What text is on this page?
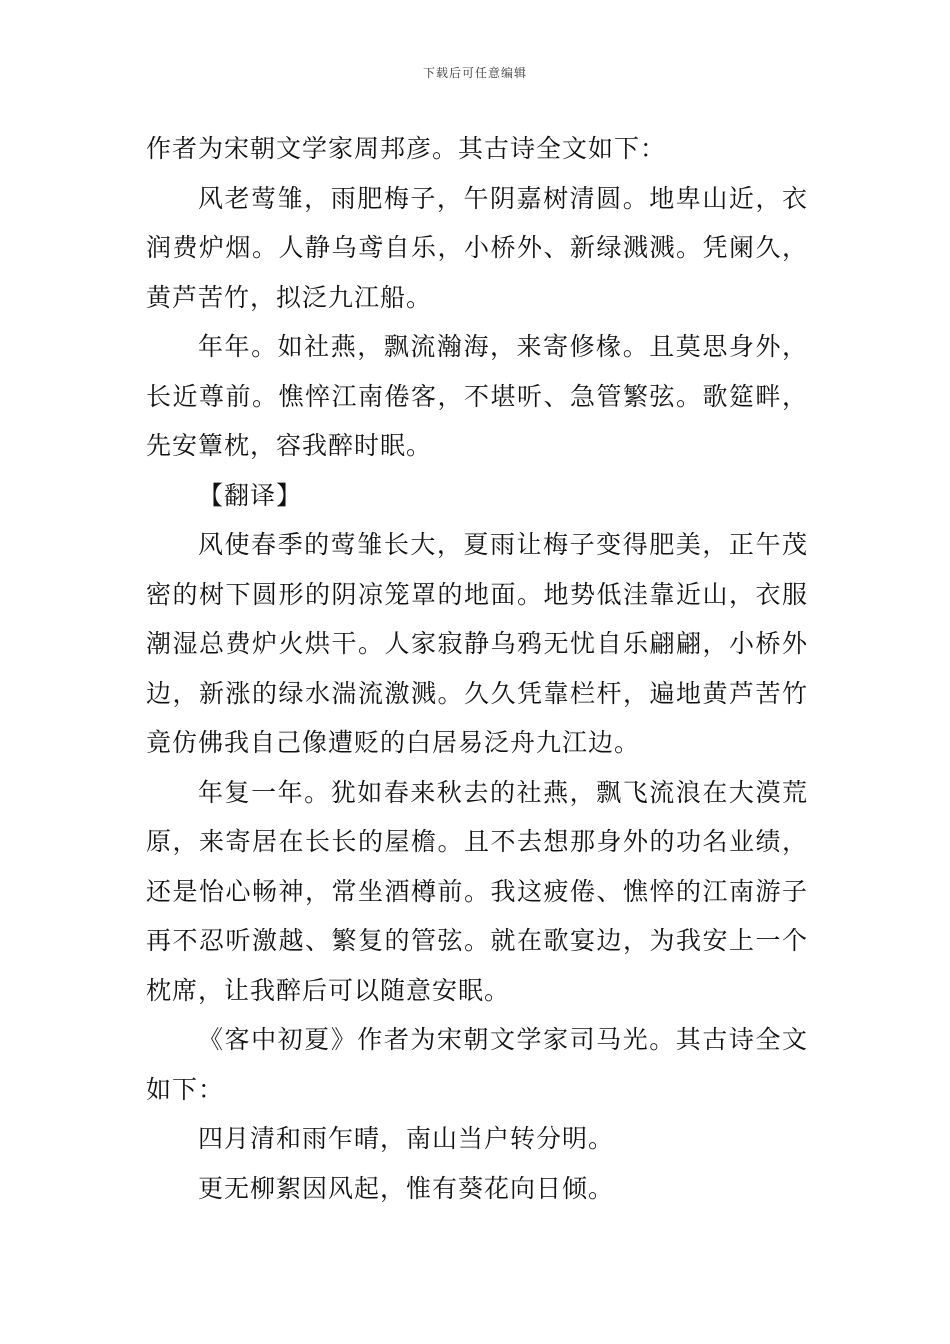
下载后可任意编辑

作者为宋朝文学家周邦彦。其古诗全文如下：

风老莺雏，雨肥梅子，午阴嘉树清圆。地卑山近，衣润费炉烟。人静乌鸢自乐，小桥外、新绿溅溅。凭阑久，黄芦苦竹，拟泛九江船。

年年。如社燕，飘流瀚海，来寄修椽。且莫思身外，长近尊前。憔悴江南倦客，不堪听、急管繁弦。歌筵畔，先安簟枕，容我醉时眠。

【翻译】

风使春季的莺雏长大，夏雨让梅子变得肥美，正午茂密的树下圆形的阴凉笼罩的地面。地势低洼靠近山，衣服潮湿总费炉火烘干。人家寂静乌鸦无忧自乐翩翩，小桥外边，新涨的绿水湍流激溅。久久凭靠栏杆，遍地黄芦苦竹竟仿佛我自己像遭贬的白居易泛舟九江边。

年复一年。犹如春来秋去的社燕，飘飞流浪在大漠荒原，来寄居在长长的屋檐。且不去想那身外的功名业绩，还是怡心畅神，常坐酒樽前。我这疲倦、憔悴的江南游子再不忍听激越、繁复的管弦。就在歌宴边，为我安上一个枕席，让我醉后可以随意安眠。

《客中初夏》作者为宋朝文学家司马光。其古诗全文如下：

四月清和雨乍晴，南山当户转分明。

更无柳絮因风起，惟有葵花向日倾。
